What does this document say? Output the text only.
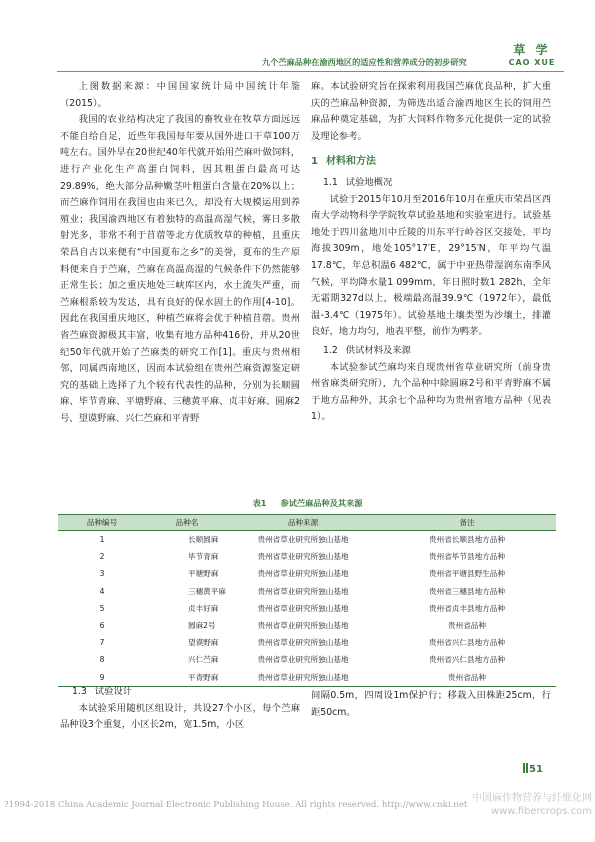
九个苎麻品种在渝西地区的适应性和营养成分的初步研究
草 学
CAO XUE

上图数据来源：中国国家统计局中国统计年鉴（2015）。

我国的农业结构决定了我国的畜牧业在牧草方面远远不能自给自足，近些年我国每年要从国外进口干草100万吨左右。国外早在20世纪40年代就开始用苎麻叶做饲料，进行产业化生产高蛋白饲料，因其粗蛋白最高可达29.89%，绝大部分品种嫩茎叶粗蛋白含量在20%以上；而苎麻作饲用在我国也由来已久，却没有大规模运用到养殖业；我国渝西地区有着独特的高温高湿气候，雾日多散射光多，非常不利于苜蓿等北方优质牧草的种植，且重庆荣昌自古以来便有“中国夏布之乡”的美誉，夏布的生产原料便来自于苎麻，苎麻在高温高湿的气候条件下仍然能够正常生长；加之重庆地处三峡库区内，水土流失严重，而苎麻根系较为发达，具有良好的保水固土的作用[4-10]。因此在我国重庆地区，种植苎麻将会优于种植苜蓿。贵州省苎麻资源极其丰富，收集有地方品种416份，并从20世纪50年代就开始了苎麻类的研究工作[1]。重庆与贵州相邻，同属西南地区，因而本试验组在贵州苎麻资源鉴定研究的基础上选择了九个较有代表性的品种，分别为长顺圆麻、毕节青麻、平塘野麻、三穗黄平麻、贞丰好麻、圆麻2号、望谟野麻、兴仁苎麻和平青野

麻。本试验研究旨在探索利用我国苎麻优良品种，扩大重庆的苎麻品种资源，为筛选出适合渝西地区生长的饲用苎麻品种奠定基础，为扩大饲料作物多元化提供一定的试验及理论参考。

1 材料和方法
1.1 试验地概况

试验于2015年10月至2016年10月在重庆市荣昌区西南大学动物科学学院牧草试验基地和实验室进行。试验基地处于四川盆地川中丘陵的川东平行岭谷区交接处，平均海拔309m，地处105°17′E，29°15′N，年平均气温17.8℃，年总积温6 482℃，属于中亚热带湿润东南季风气候，平均降水量1 099mm，年日照时数1 282h，全年无霜期327d以上，极端最高温39.9℃（1972年），最低温-3.4℃（1975年）。试验基地土壤类型为沙壤土，排灌良好，地力均匀，地表平整，前作为鸭茅。

1.2 供试材料及来源

本试验参试苎麻均来自现贵州省草业研究所（前身贵州省麻类研究所），九个品种中除圆麻2号和平青野麻不属于地方品种外，其余七个品种均为贵州省地方品种（见表1）。

表1 参试苎麻品种及其来源
品种编号	品种名	品种来源	备注
1	长顺圆麻	贵州省草业研究所独山基地	贵州省长顺县地方品种
2	毕节青麻	贵州省草业研究所独山基地	贵州省毕节县地方品种
3	平塘野麻	贵州省草业研究所独山基地	贵州省平塘县野生品种
4	三穗黄平麻	贵州省草业研究所独山基地	贵州省三穗县地方品种
5	贞丰好麻	贵州省草业研究所独山基地	贵州省贞丰县地方品种
6	圆麻2号	贵州省草业研究所独山基地	贵州省品种
7	望谟野麻	贵州省草业研究所独山基地	贵州省兴仁县地方品种
8	兴仁苎麻	贵州省草业研究所独山基地	贵州省兴仁县地方品种
9	平青野麻	贵州省草业研究所独山基地	贵州省品种
1.3 试验设计

本试验采用随机区组设计，共设27个小区，每个苎麻品种设3个重复，小区长2m，宽1.5m，小区

间隔0.5m，四周设1m保护行；移栽入田株距25cm，行距50cm。

51
?1994-2018 China Academic Journal Electronic Publishing House. All rights reserved. http://www.cnki.net
中国麻作物营养与纤维化网
www.fibercrops.com
